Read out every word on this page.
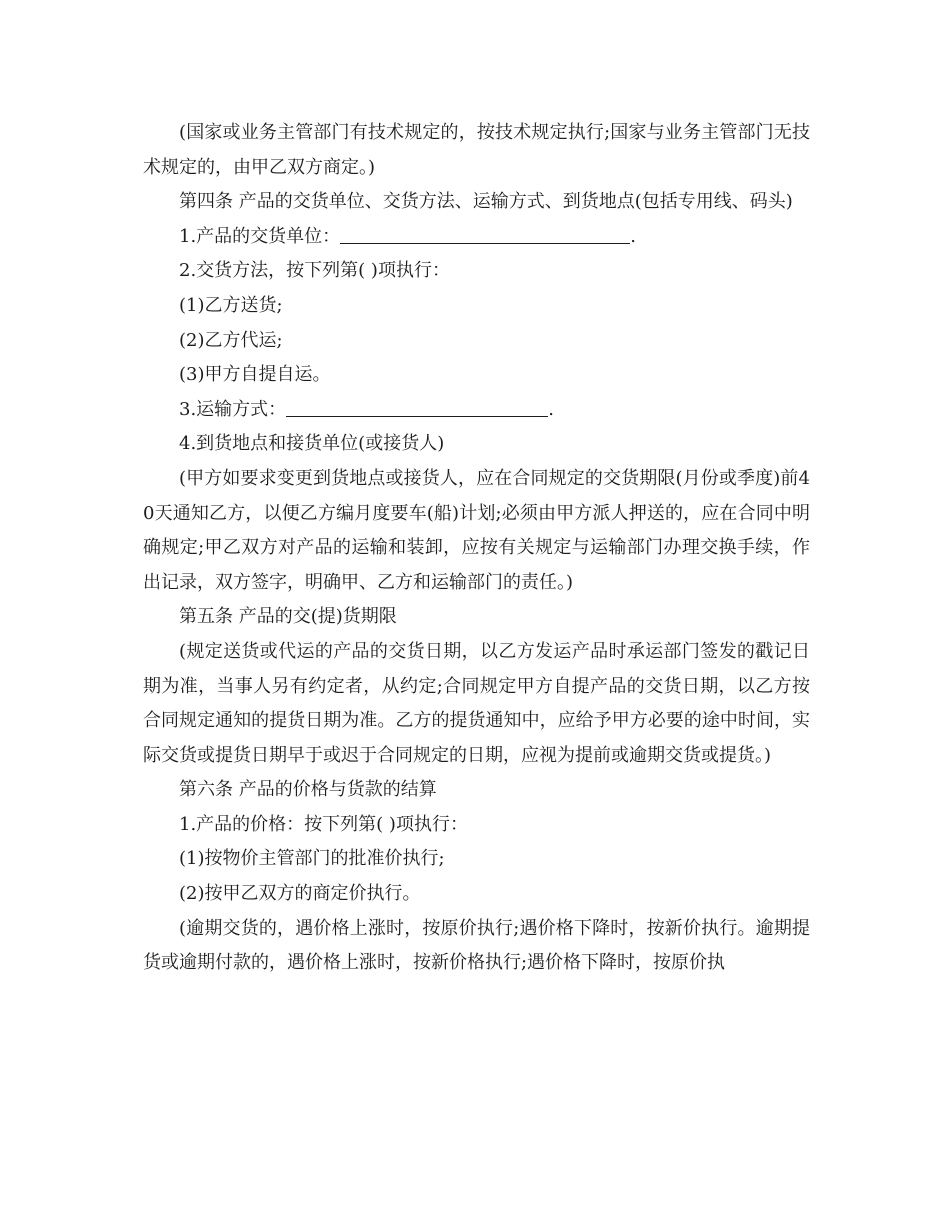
(国家或业务主管部门有技术规定的，按技术规定执行;国家与业务主管部门无技术规定的，由甲乙双方商定。)

第四条 产品的交货单位、交货方法、运输方式、到货地点(包括专用线、码头)

1.产品的交货单位：	.

2.交货方法，按下列第( )项执行：

(1)乙方送货;

(2)乙方代运;

(3)甲方自提自运。

3.运输方式：	.

4.到货地点和接货单位(或接货人)

(甲方如要求变更到货地点或接货人，应在合同规定的交货期限(月份或季度)前40天通知乙方，以便乙方编月度要车(船)计划;必须由甲方派人押送的，应在合同中明确规定;甲乙双方对产品的运输和装卸，应按有关规定与运输部门办理交换手续，作出记录，双方签字，明确甲、乙方和运输部门的责任。)

第五条 产品的交(提)货期限

(规定送货或代运的产品的交货日期，以乙方发运产品时承运部门签发的戳记日期为准，当事人另有约定者，从约定;合同规定甲方自提产品的交货日期，以乙方按合同规定通知的提货日期为准。乙方的提货通知中，应给予甲方必要的途中时间，实际交货或提货日期早于或迟于合同规定的日期，应视为提前或逾期交货或提货。)

第六条 产品的价格与货款的结算

1.产品的价格：按下列第( )项执行：

(1)按物价主管部门的批准价执行;

(2)按甲乙双方的商定价执行。

(逾期交货的，遇价格上涨时，按原价执行;遇价格下降时，按新价执行。逾期提货或逾期付款的，遇价格上涨时，按新价格执行;遇价格下降时，按原价执
